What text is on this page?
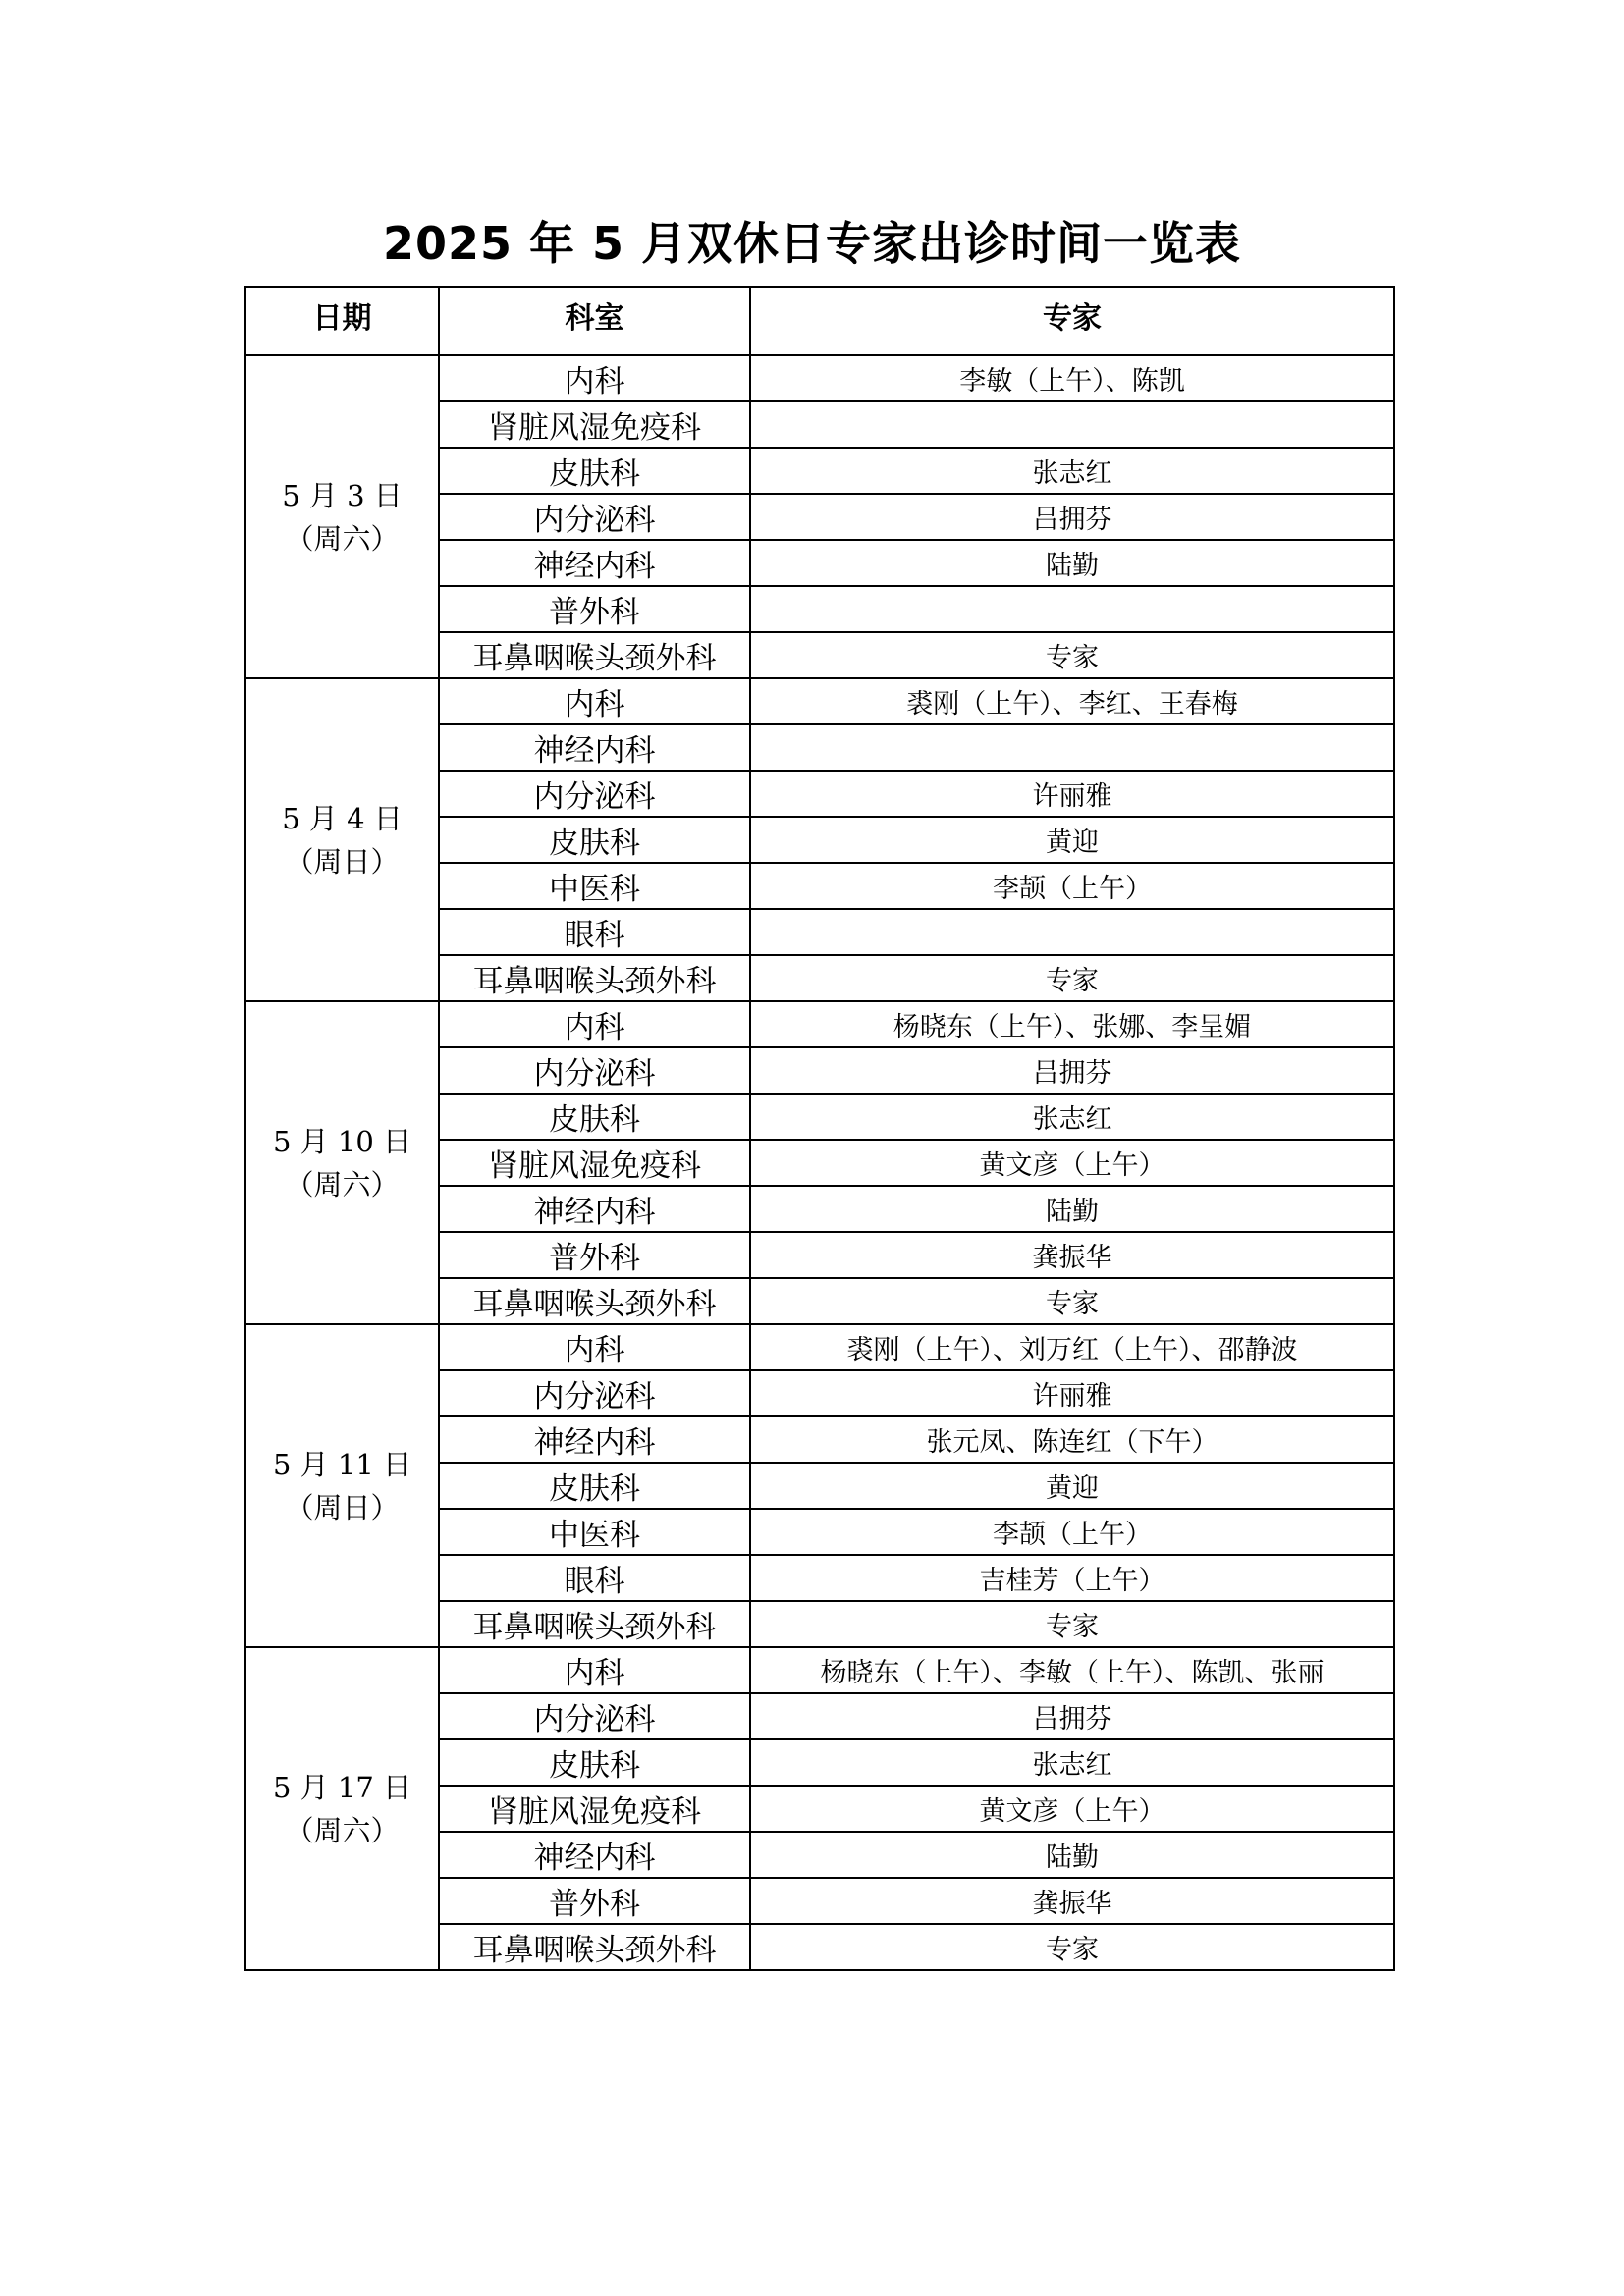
2025 年 5 月双休日专家出诊时间一览表
日期	科室	专家

5 月 3 日
（周六）	内科	李敏（上午）、陈凯
	肾脏风湿免疫科	
	皮肤科	张志红
	内分泌科	吕拥芬
	神经内科	陆勤
	普外科	
	耳鼻咽喉头颈外科	专家

5 月 4 日
（周日）	内科	裘刚（上午）、李红、王春梅
	神经内科	
	内分泌科	许丽雅
	皮肤科	黄迎
	中医科	李颉（上午）
	眼科	
	耳鼻咽喉头颈外科	专家

5 月 10 日
（周六）	内科	杨晓东（上午）、张娜、李呈媚
	内分泌科	吕拥芬
	皮肤科	张志红
	肾脏风湿免疫科	黄文彦（上午）
	神经内科	陆勤
	普外科	龚振华
	耳鼻咽喉头颈外科	专家

5 月 11 日
（周日）	内科	裘刚（上午）、刘万红（上午）、邵静波
	内分泌科	许丽雅
	神经内科	张元凤、陈连红（下午）
	皮肤科	黄迎
	中医科	李颉（上午）
	眼科	吉桂芳（上午）
	耳鼻咽喉头颈外科	专家

5 月 17 日
（周六）	内科	杨晓东（上午）、李敏（上午）、陈凯、张丽
	内分泌科	吕拥芬
	皮肤科	张志红
	肾脏风湿免疫科	黄文彦（上午）
	神经内科	陆勤
	普外科	龚振华
	耳鼻咽喉头颈外科	专家
